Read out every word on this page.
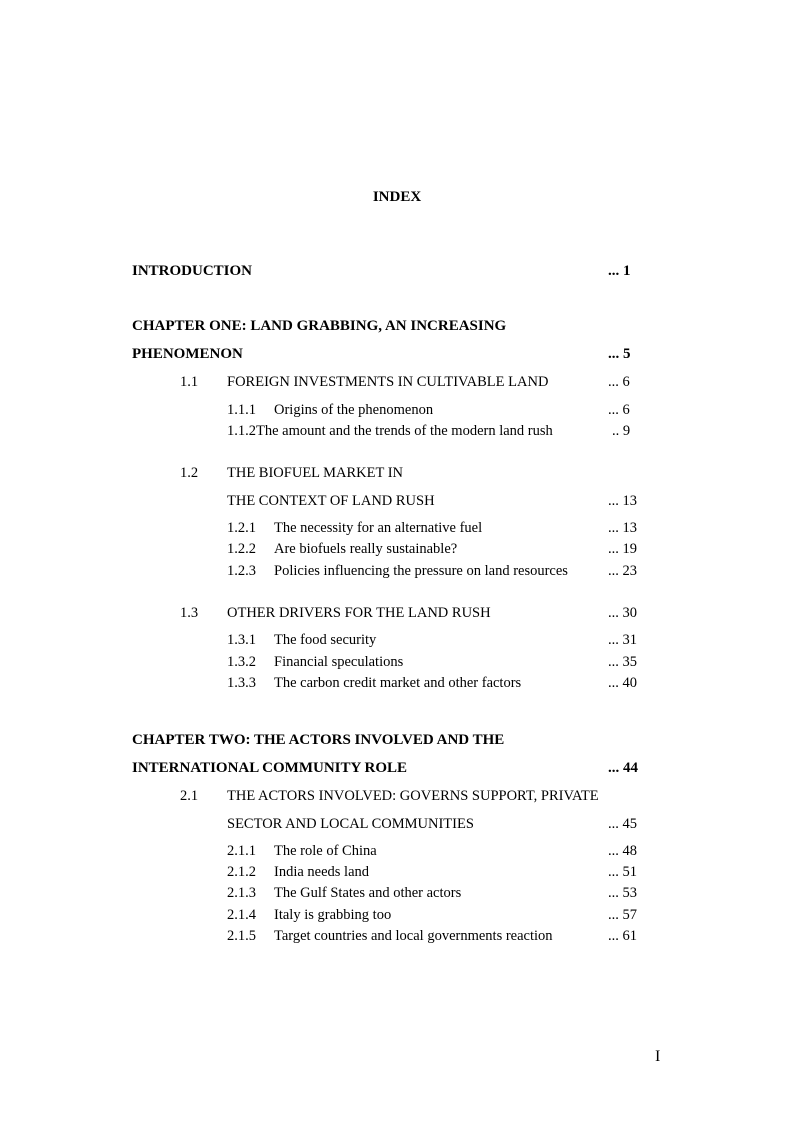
INDEX
INTRODUCTION	... 1
CHAPTER ONE: LAND GRABBING, AN INCREASING
PHENOMENON	... 5
1.1 FOREIGN INVESTMENTS IN CULTIVABLE LAND	... 6
1.1.1 Origins of the phenomenon	... 6
1.1.2The amount and the trends of the modern land rush	.. 9
1.2 THE BIOFUEL MARKET IN
THE CONTEXT OF LAND RUSH	... 13
1.2.1 The necessity for an alternative fuel	... 13
1.2.2 Are biofuels really sustainable?	... 19
1.2.3 Policies influencing the pressure on land resources	... 23
1.3 OTHER DRIVERS FOR THE LAND RUSH	... 30
1.3.1 The food security	... 31
1.3.2 Financial speculations	... 35
1.3.3 The carbon credit market and other factors	... 40
CHAPTER TWO: THE ACTORS INVOLVED AND THE
INTERNATIONAL COMMUNITY ROLE	... 44
2.1 THE ACTORS INVOLVED: GOVERNS SUPPORT, PRIVATE
SECTOR AND LOCAL COMMUNITIES	... 45
2.1.1 The role of China	... 48
2.1.2 India needs land	... 51
2.1.3 The Gulf States and other actors	... 53
2.1.4 Italy is grabbing too	... 57
2.1.5 Target countries and local governments reaction	... 61
I
